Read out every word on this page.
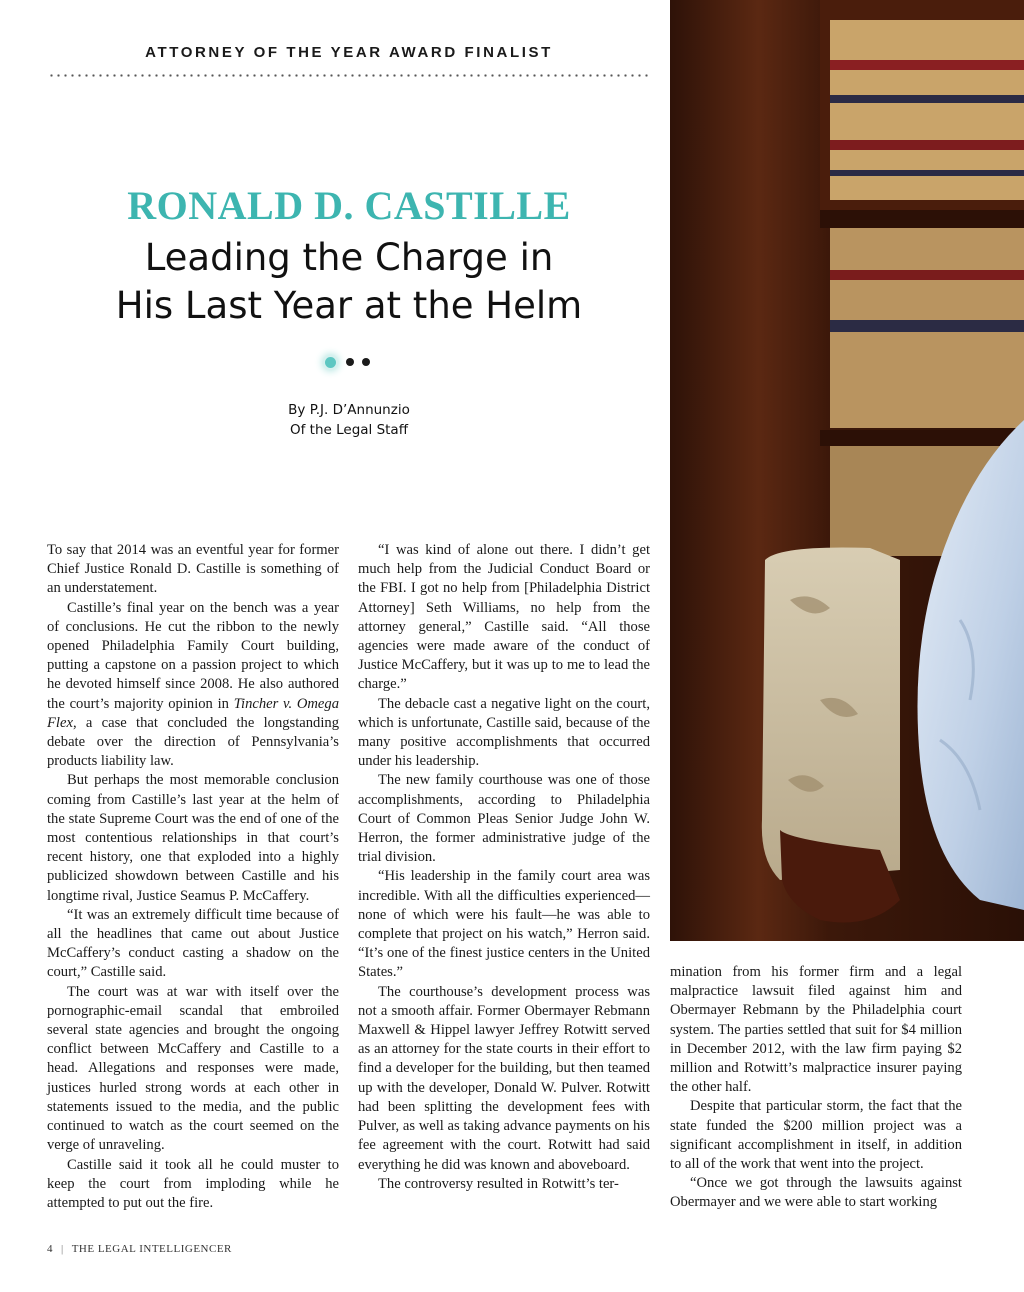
ATTORNEY OF THE YEAR AWARD FINALIST
RONALD D. CASTILLE
Leading the Charge in
His Last Year at the Helm
By P.J. D’Annunzio
Of the Legal Staff

To say that 2014 was an eventful year for former Chief Justice Ronald D. Castille is something of an understatement.

Castille’s final year on the bench was a year of conclusions. He cut the ribbon to the newly opened Philadelphia Family Court building, putting a capstone on a passion project to which he devoted himself since 2008. He also authored the court’s majority opinion in Tincher v. Omega Flex, a case that concluded the longstanding debate over the direction of Pennsylvania’s products liability law.

But perhaps the most memorable conclusion coming from Castille’s last year at the helm of the state Supreme Court was the end of one of the most contentious relationships in that court’s recent history, one that exploded into a highly publicized showdown between Castille and his longtime rival, Justice Seamus P. McCaffery.

“It was an extremely difficult time because of all the headlines that came out about Justice McCaffery’s conduct casting a shadow on the court,” Castille said.

The court was at war with itself over the pornographic-email scandal that embroiled several state agencies and brought the ongoing conflict between McCaffery and Castille to a head. Allegations and responses were made, justices hurled strong words at each other in statements issued to the media, and the public continued to watch as the court seemed on the verge of unraveling.

Castille said it took all he could muster to keep the court from imploding while he attempted to put out the fire.

“I was kind of alone out there. I didn’t get much help from the Judicial Conduct Board or the FBI. I got no help from [Philadelphia District Attorney] Seth Williams, no help from the attorney general,” Castille said. “All those agencies were made aware of the conduct of Justice McCaffery, but it was up to me to lead the charge.”

The debacle cast a negative light on the court, which is unfortunate, Castille said, because of the many positive accomplishments that occurred under his leadership.

The new family courthouse was one of those accomplishments, according to Philadelphia Court of Common Pleas Senior Judge John W. Herron, the former administrative judge of the trial division.

“His leadership in the family court area was incredible. With all the difficulties experienced—none of which were his fault—he was able to complete that project on his watch,” Herron said. “It’s one of the finest justice centers in the United States.”

The courthouse’s development process was not a smooth affair. Former Obermayer Rebmann Maxwell & Hippel lawyer Jeffrey Rotwitt served as an attorney for the state courts in their effort to find a developer for the building, but then teamed up with the developer, Donald W. Pulver. Rotwitt had been splitting the development fees with Pulver, as well as taking advance payments on his fee agreement with the court. Rotwitt had said everything he did was known and aboveboard.

The controversy resulted in Rotwitt’s ter-

mination from his former firm and a legal malpractice lawsuit filed against him and Obermayer Rebmann by the Philadelphia court system. The parties settled that suit for $4 million in December 2012, with the law firm paying $2 million and Rotwitt’s malpractice insurer paying the other half.

Despite that particular storm, the fact that the state funded the $200 million project was a significant accomplishment in itself, in addition to all of the work that went into the project.

“Once we got through the lawsuits against Obermayer and we were able to start working

4 | THE LEGAL INTELLIGENCER
